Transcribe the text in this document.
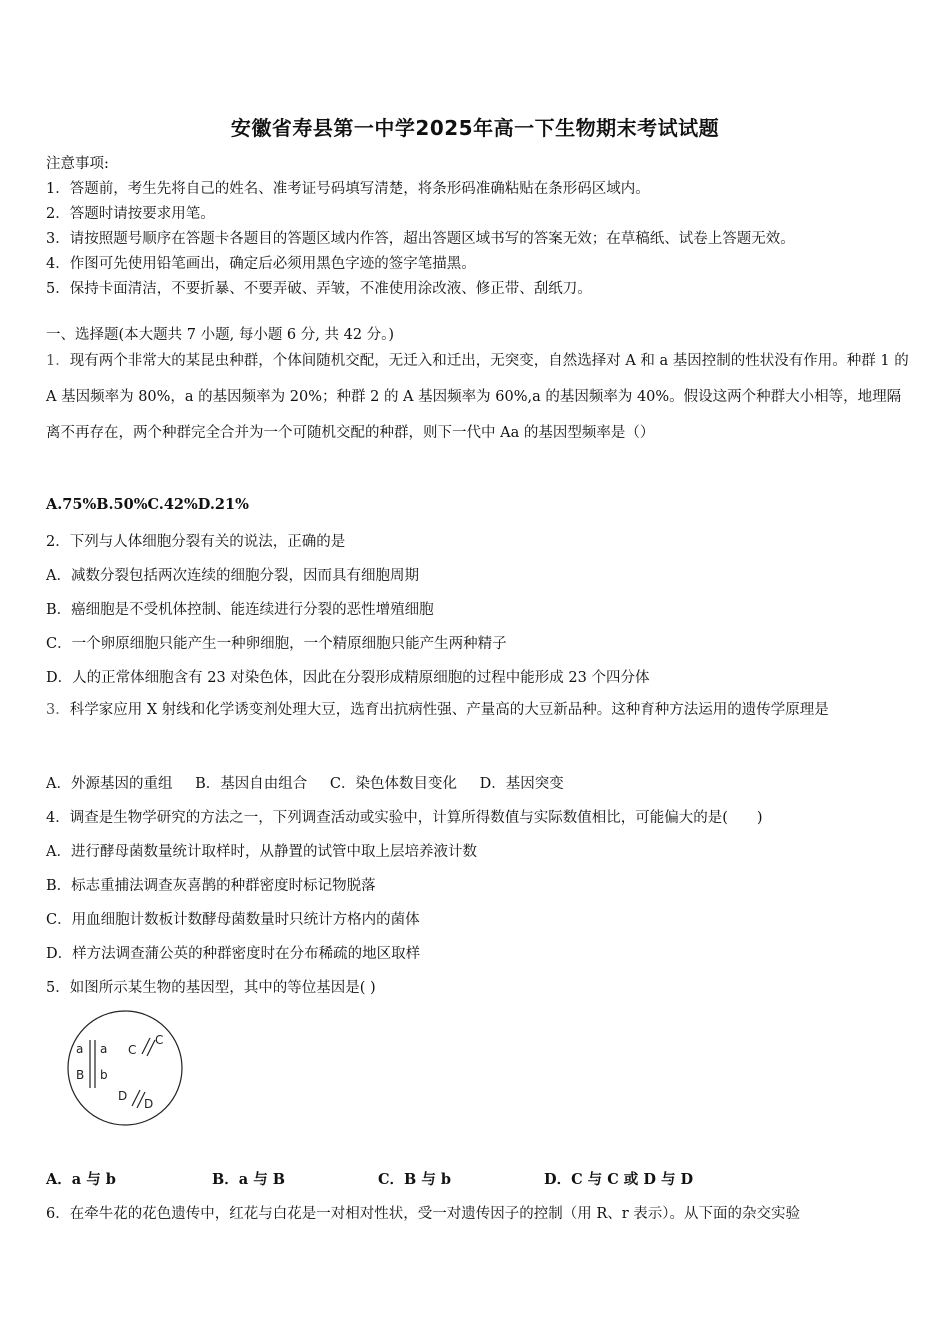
安徽省寿县第一中学2025年高一下生物期末考试试题
注意事项:
1．答题前，考生先将自己的姓名、准考证号码填写清楚，将条形码准确粘贴在条形码区域内。
2．答题时请按要求用笔。
3．请按照题号顺序在答题卡各题目的答题区域内作答，超出答题区域书写的答案无效；在草稿纸、试卷上答题无效。
4．作图可先使用铅笔画出，确定后必须用黑色字迹的签字笔描黑。
5．保持卡面清洁，不要折暴、不要弄破、弄皱，不准使用涂改液、修正带、刮纸刀。
一、选择题(本大题共 7 小题, 每小题 6 分, 共 42 分。)
1．现有两个非常大的某昆虫种群，个体间随机交配，无迁入和迁出，无突变，自然选择对 A 和 a 基因控制的性状没有作用。种群 1 的 A 基因频率为 80%，a 的基因频率为 20%；种群 2 的 A 基因频率为 60%,a 的基因频率为 40%。假设这两个种群大小相等，地理隔离不再存在，两个种群完全合并为一个可随机交配的种群，则下一代中 Aa 的基因型频率是（）
A.75%B.50%C.42%D.21%
2．下列与人体细胞分裂有关的说法，正确的是
A．减数分裂包括两次连续的细胞分裂，因而具有细胞周期
B．癌细胞是不受机体控制、能连续进行分裂的恶性增殖细胞
C．一个卵原细胞只能产生一种卵细胞，一个精原细胞只能产生两种精子
D．人的正常体细胞含有 23 对染色体，因此在分裂形成精原细胞的过程中能形成 23 个四分体
3．科学家应用 X 射线和化学诱变剂处理大豆，选育出抗病性强、产量高的大豆新品种。这种育种方法运用的遗传学原理是
A．外源基因的重组 B．基因自由组合 C．染色体数目变化 D．基因突变
4．调查是生物学研究的方法之一，下列调查活动或实验中，计算所得数值与实际数值相比，可能偏大的是(　　)
A．进行酵母菌数量统计取样时，从静置的试管中取上层培养液计数
B．标志重捕法调查灰喜鹊的种群密度时标记物脱落
C．用血细胞计数板计数酵母菌数量时只统计方格内的菌体
D．样方法调查蒲公英的种群密度时在分布稀疏的地区取样
5．如图所示某生物的基因型，其中的等位基因是( )
a a
B b
C
C
D
D
A．a 与 b	B．a 与 B	C．B 与 b	D．C 与 C 或 D 与 D
6．在牵牛花的花色遗传中，红花与白花是一对相对性状，受一对遗传因子的控制（用 R、r 表示）。从下面的杂交实验
